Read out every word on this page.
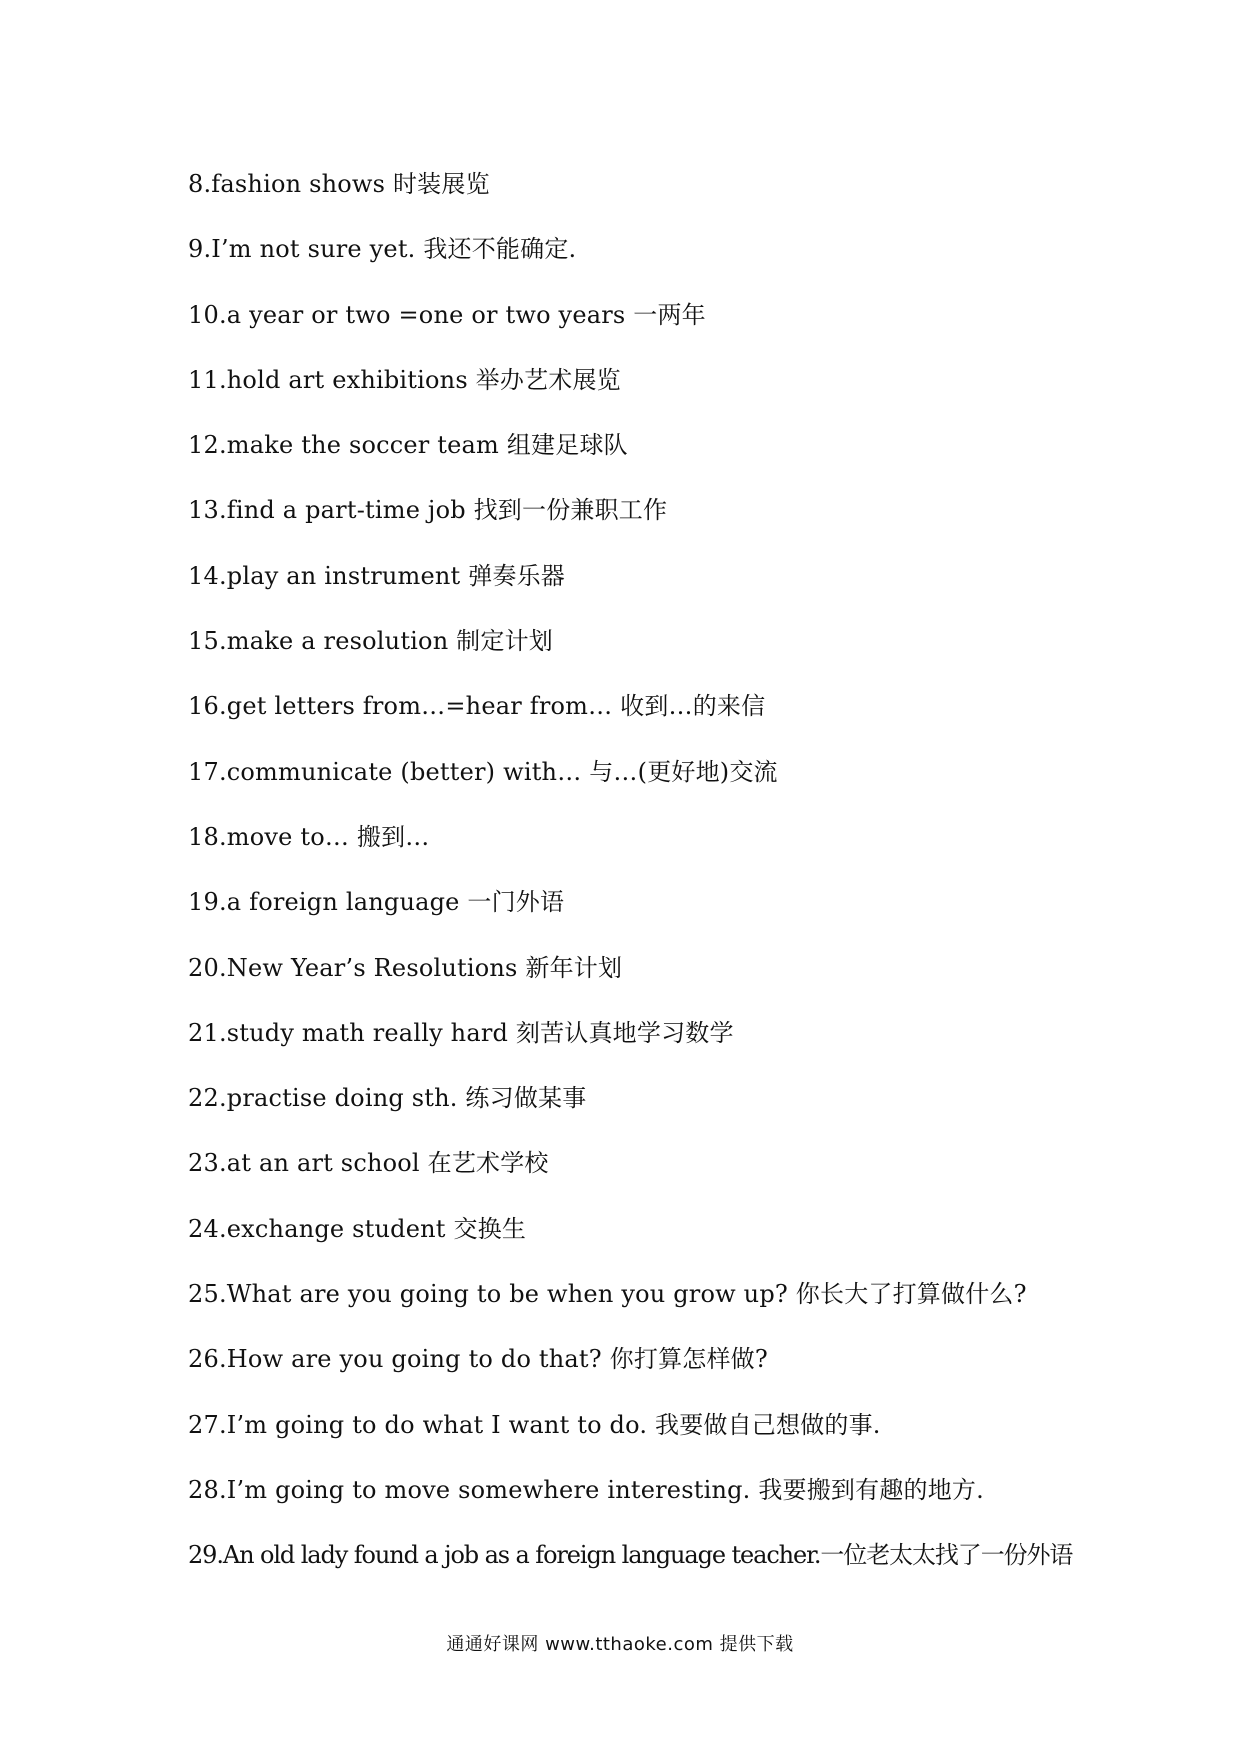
8.fashion shows 时装展览
9.I’m not sure yet. 我还不能确定.
10.a year or two =one or two years 一两年
11.hold art exhibitions 举办艺术展览
12.make the soccer team 组建足球队
13.find a part-time job 找到一份兼职工作
14.play an instrument 弹奏乐器
15.make a resolution 制定计划
16.get letters from…=hear from… 收到…的来信
17.communicate (better) with… 与…(更好地)交流
18.move to… 搬到…
19.a foreign language 一门外语
20.New Year’s Resolutions 新年计划
21.study math really hard 刻苦认真地学习数学
22.practise doing sth. 练习做某事
23.at an art school 在艺术学校
24.exchange student 交换生
25.What are you going to be when you grow up? 你长大了打算做什么?
26.How are you going to do that? 你打算怎样做?
27.I’m going to do what I want to do. 我要做自己想做的事.
28.I’m going to move somewhere interesting. 我要搬到有趣的地方.
29.An old lady found a job as a foreign language teacher.一位老太太找了一份外语
通通好课网 www.tthaoke.com 提供下载
